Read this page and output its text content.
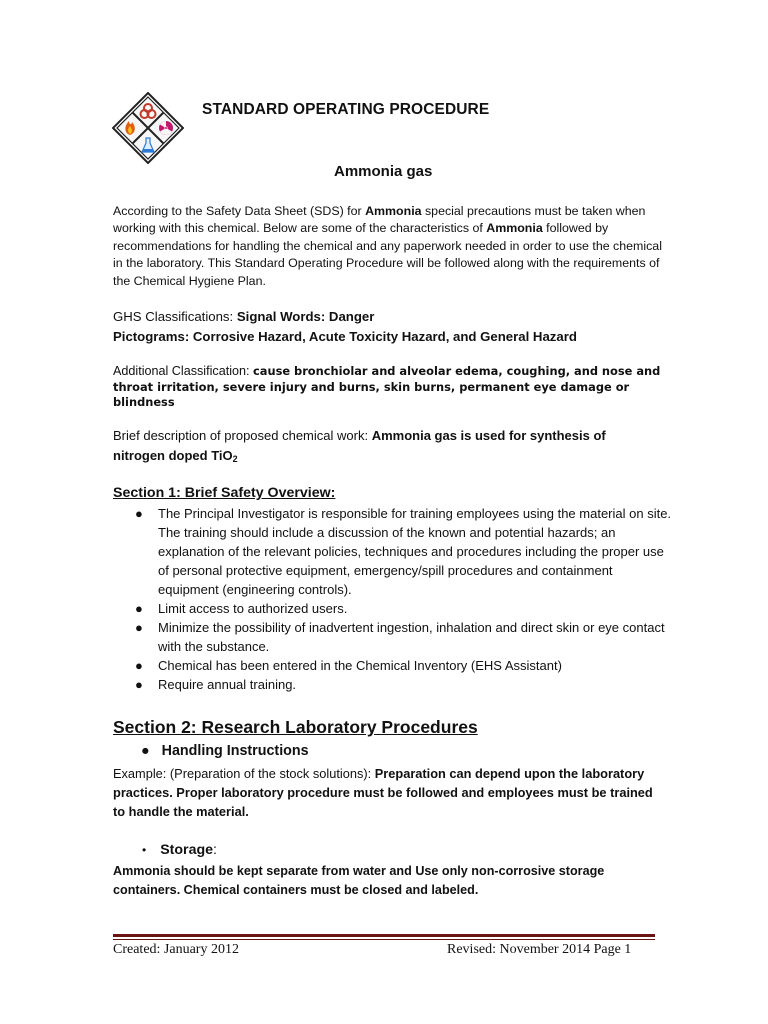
STANDARD OPERATING PROCEDURE
Ammonia gas
According to the Safety Data Sheet (SDS) for Ammonia special precautions must be taken when working with this chemical. Below are some of the characteristics of Ammonia followed by recommendations for handling the chemical and any paperwork needed in order to use the chemical in the laboratory. This Standard Operating Procedure will be followed along with the requirements of the Chemical Hygiene Plan.
GHS Classifications: Signal Words: Danger
Pictograms: Corrosive Hazard, Acute Toxicity Hazard, and General Hazard
Additional Classification: cause bronchiolar and alveolar edema, coughing, and nose and throat irritation, severe injury and burns, skin burns, permanent eye damage or blindness
Brief description of proposed chemical work: Ammonia gas is used for synthesis of nitrogen doped TiO$_2$
Section 1: Brief Safety Overview:
● The Principal Investigator is responsible for training employees using the material on site. The training should include a discussion of the known and potential hazards; an explanation of the relevant policies, techniques and procedures including the proper use of personal protective equipment, emergency/spill procedures and containment equipment (engineering controls).
● Limit access to authorized users.
● Minimize the possibility of inadvertent ingestion, inhalation and direct skin or eye contact with the substance.
● Chemical has been entered in the Chemical Inventory (EHS Assistant)
● Require annual training.
Section 2: Research Laboratory Procedures
● Handling Instructions
Example: (Preparation of the stock solutions): Preparation can depend upon the laboratory practices. Proper laboratory procedure must be followed and employees must be trained to handle the material.
• Storage:
Ammonia should be kept separate from water and Use only non-corrosive storage containers. Chemical containers must be closed and labeled.
Created: January 2012	Revised: November 2014 Page 1
